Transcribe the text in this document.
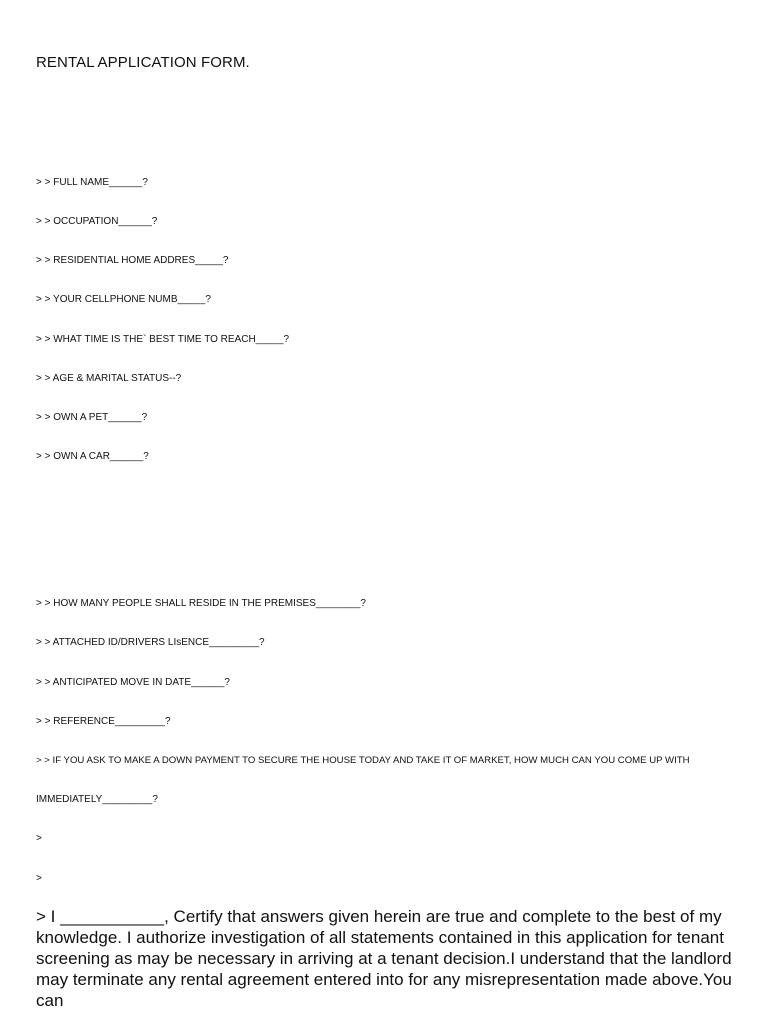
RENTAL APPLICATION FORM.
> > FULL NAME______?
> > OCCUPATION______?
> > RESIDENTIAL HOME ADDRES_____?
> > YOUR CELLPHONE NUMB_____?
> > WHAT TIME IS THE` BEST TIME TO REACH_____?
> > AGE & MARITAL STATUS--?
> > OWN A PET______?
> > OWN A CAR______?
> > HOW MANY PEOPLE SHALL RESIDE IN THE PREMISES________?
> > ATTACHED ID/DRIVERS LIsENCE_________?
> > ANTICIPATED MOVE IN DATE______?
> > REFERENCE_________?
> > IF YOU ASK TO MAKE A DOWN PAYMENT TO SECURE THE HOUSE TODAY AND TAKE IT OF MARKET, HOW MUCH CAN YOU COME UP WITH
IMMEDIATELY_________?
>
>
> I ___________, Certify that answers given herein are true and complete to the best of my knowledge. I authorize investigation of all statements contained in this application for tenant screening as may be necessary in arriving at a tenant decision.I understand that the landlord may terminate any rental agreement entered into for any misrepresentation made above.You can
